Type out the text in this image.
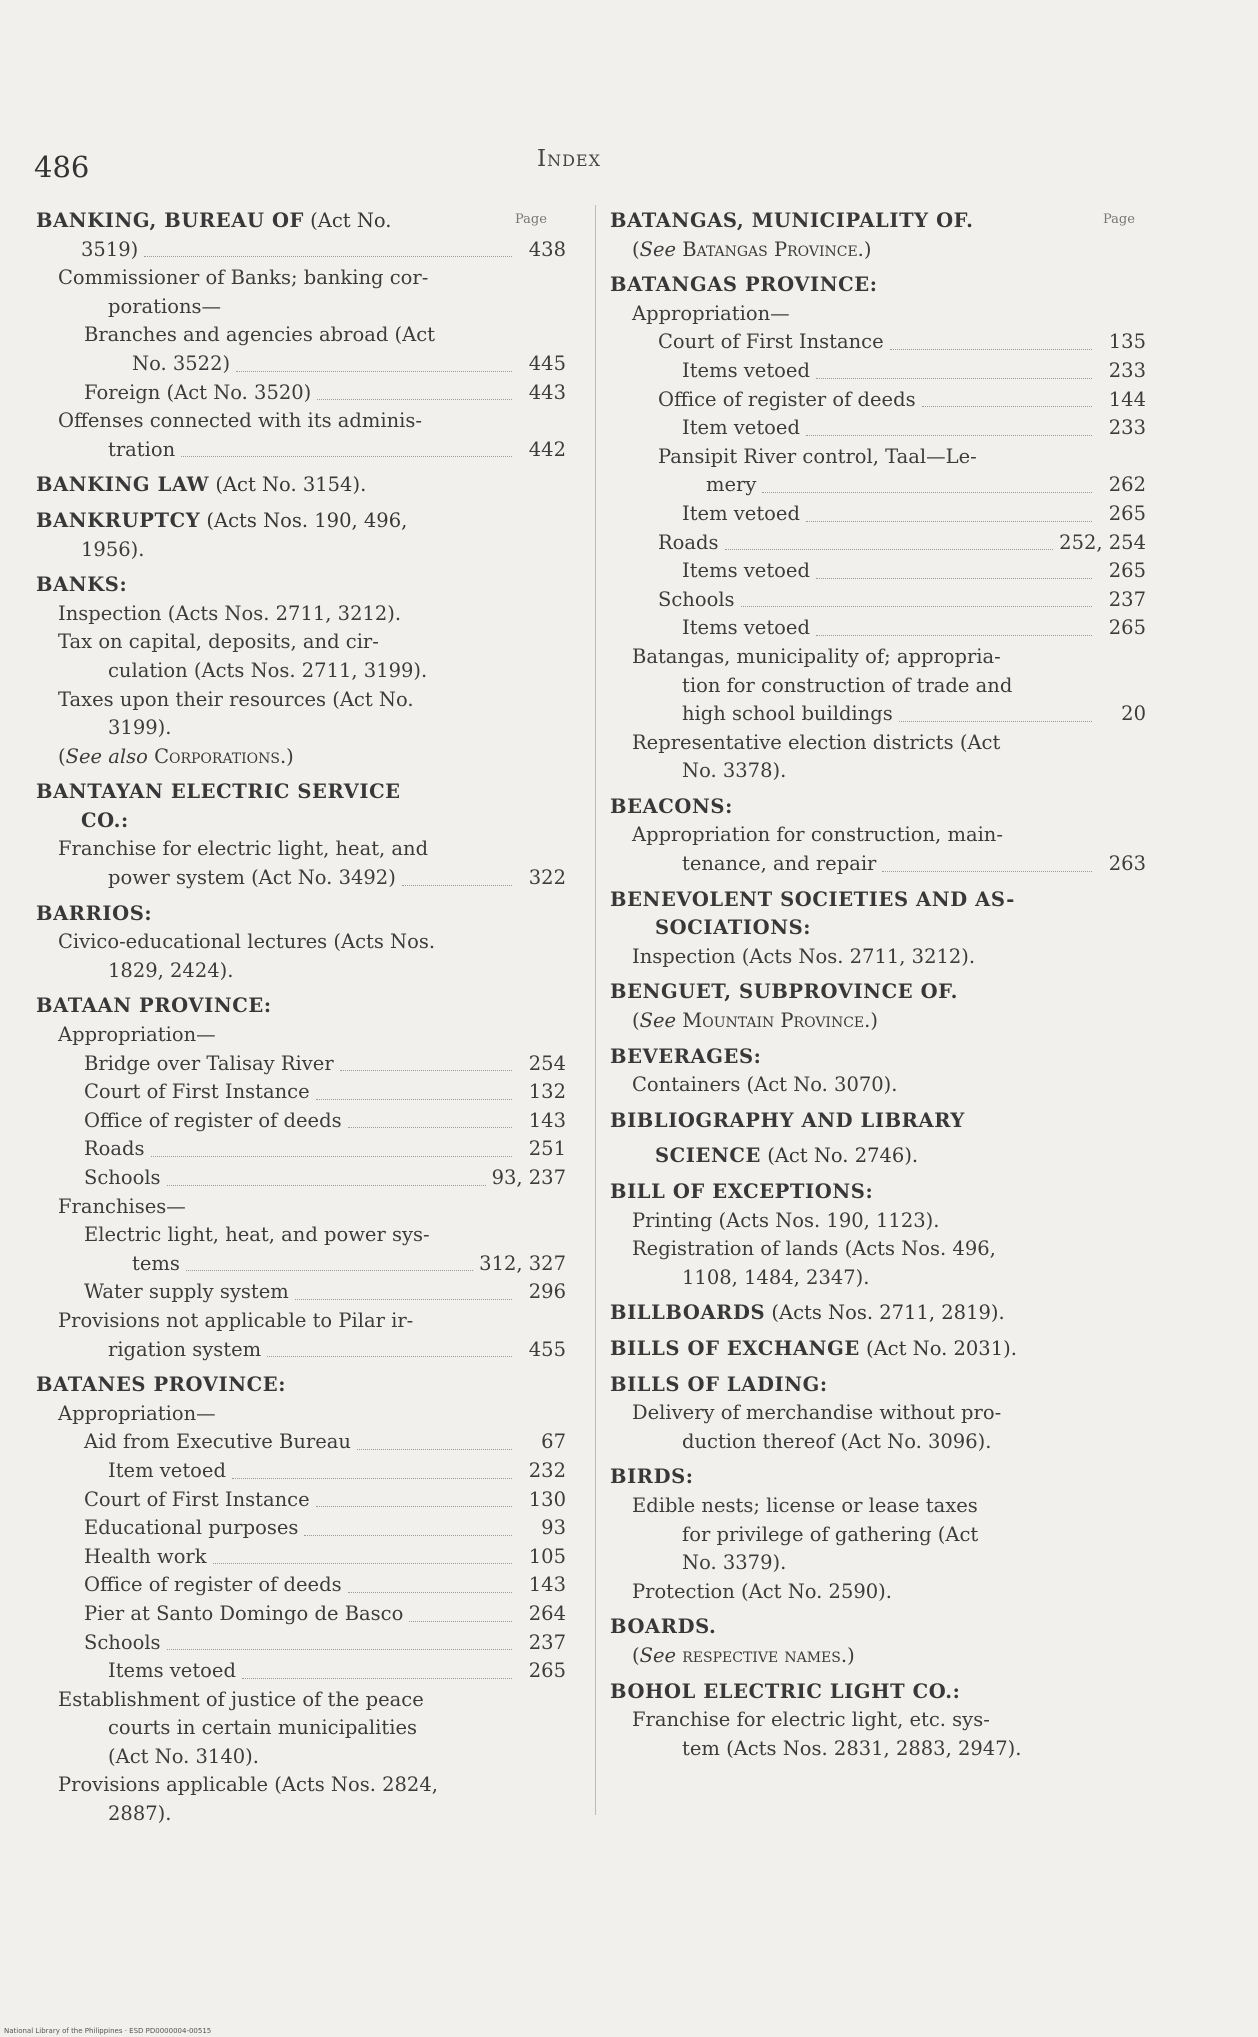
486	Index
Page	Page
BANKING, BUREAU OF (Act No.
3519)	438
Commissioner of Banks; banking cor-
porations—
Branches and agencies abroad (Act
No. 3522)	445
Foreign (Act No. 3520)	443
Offenses connected with its adminis-
tration	442
BANKING LAW (Act No. 3154).
BANKRUPTCY (Acts Nos. 190, 496,
1956).
BANKS:
Inspection (Acts Nos. 2711, 3212).
Tax on capital, deposits, and cir-
culation (Acts Nos. 2711, 3199).
Taxes upon their resources (Act No.
3199).
(See also Corporations.)
BANTAYAN ELECTRIC SERVICE
CO.:
Franchise for electric light, heat, and
power system (Act No. 3492)	322
BARRIOS:
Civico-educational lectures (Acts Nos.
1829, 2424).
BATAAN PROVINCE:
Appropriation—
Bridge over Talisay River	254
Court of First Instance	132
Office of register of deeds	143
Roads	251
Schools	93, 237
Franchises—
Electric light, heat, and power sys-
tems	312, 327
Water supply system	296
Provisions not applicable to Pilar ir-
rigation system	455
BATANES PROVINCE:
Appropriation—
Aid from Executive Bureau	67
Item vetoed	232
Court of First Instance	130
Educational purposes	93
Health work	105
Office of register of deeds	143
Pier at Santo Domingo de Basco	264
Schools	237
Items vetoed	265
Establishment of justice of the peace
courts in certain municipalities
(Act No. 3140).
Provisions applicable (Acts Nos. 2824,
2887).
BATANGAS, MUNICIPALITY OF.
(See Batangas Province.)
BATANGAS PROVINCE:
Appropriation—
Court of First Instance	135
Items vetoed	233
Office of register of deeds	144
Item vetoed	233
Pansipit River control, Taal—Le-
mery	262
Item vetoed	265
Roads	252, 254
Items vetoed	265
Schools	237
Items vetoed	265
Batangas, municipality of; appropria-
tion for construction of trade and
high school buildings	20
Representative election districts (Act
No. 3378).
BEACONS:
Appropriation for construction, main-
tenance, and repair	263
BENEVOLENT SOCIETIES AND AS-
SOCIATIONS:
Inspection (Acts Nos. 2711, 3212).
BENGUET, SUBPROVINCE OF.
(See Mountain Province.)
BEVERAGES:
Containers (Act No. 3070).
BIBLIOGRAPHY AND LIBRARY
SCIENCE (Act No. 2746).
BILL OF EXCEPTIONS:
Printing (Acts Nos. 190, 1123).
Registration of lands (Acts Nos. 496,
1108, 1484, 2347).
BILLBOARDS (Acts Nos. 2711, 2819).
BILLS OF EXCHANGE (Act No. 2031).
BILLS OF LADING:
Delivery of merchandise without pro-
duction thereof (Act No. 3096).
BIRDS:
Edible nests; license or lease taxes
for privilege of gathering (Act
No. 3379).
Protection (Act No. 2590).
BOARDS.
(See respective names.)
BOHOL ELECTRIC LIGHT CO.:
Franchise for electric light, etc. sys-
tem (Acts Nos. 2831, 2883, 2947).
National Library of the Philippines · ESD PD0000004-00515
